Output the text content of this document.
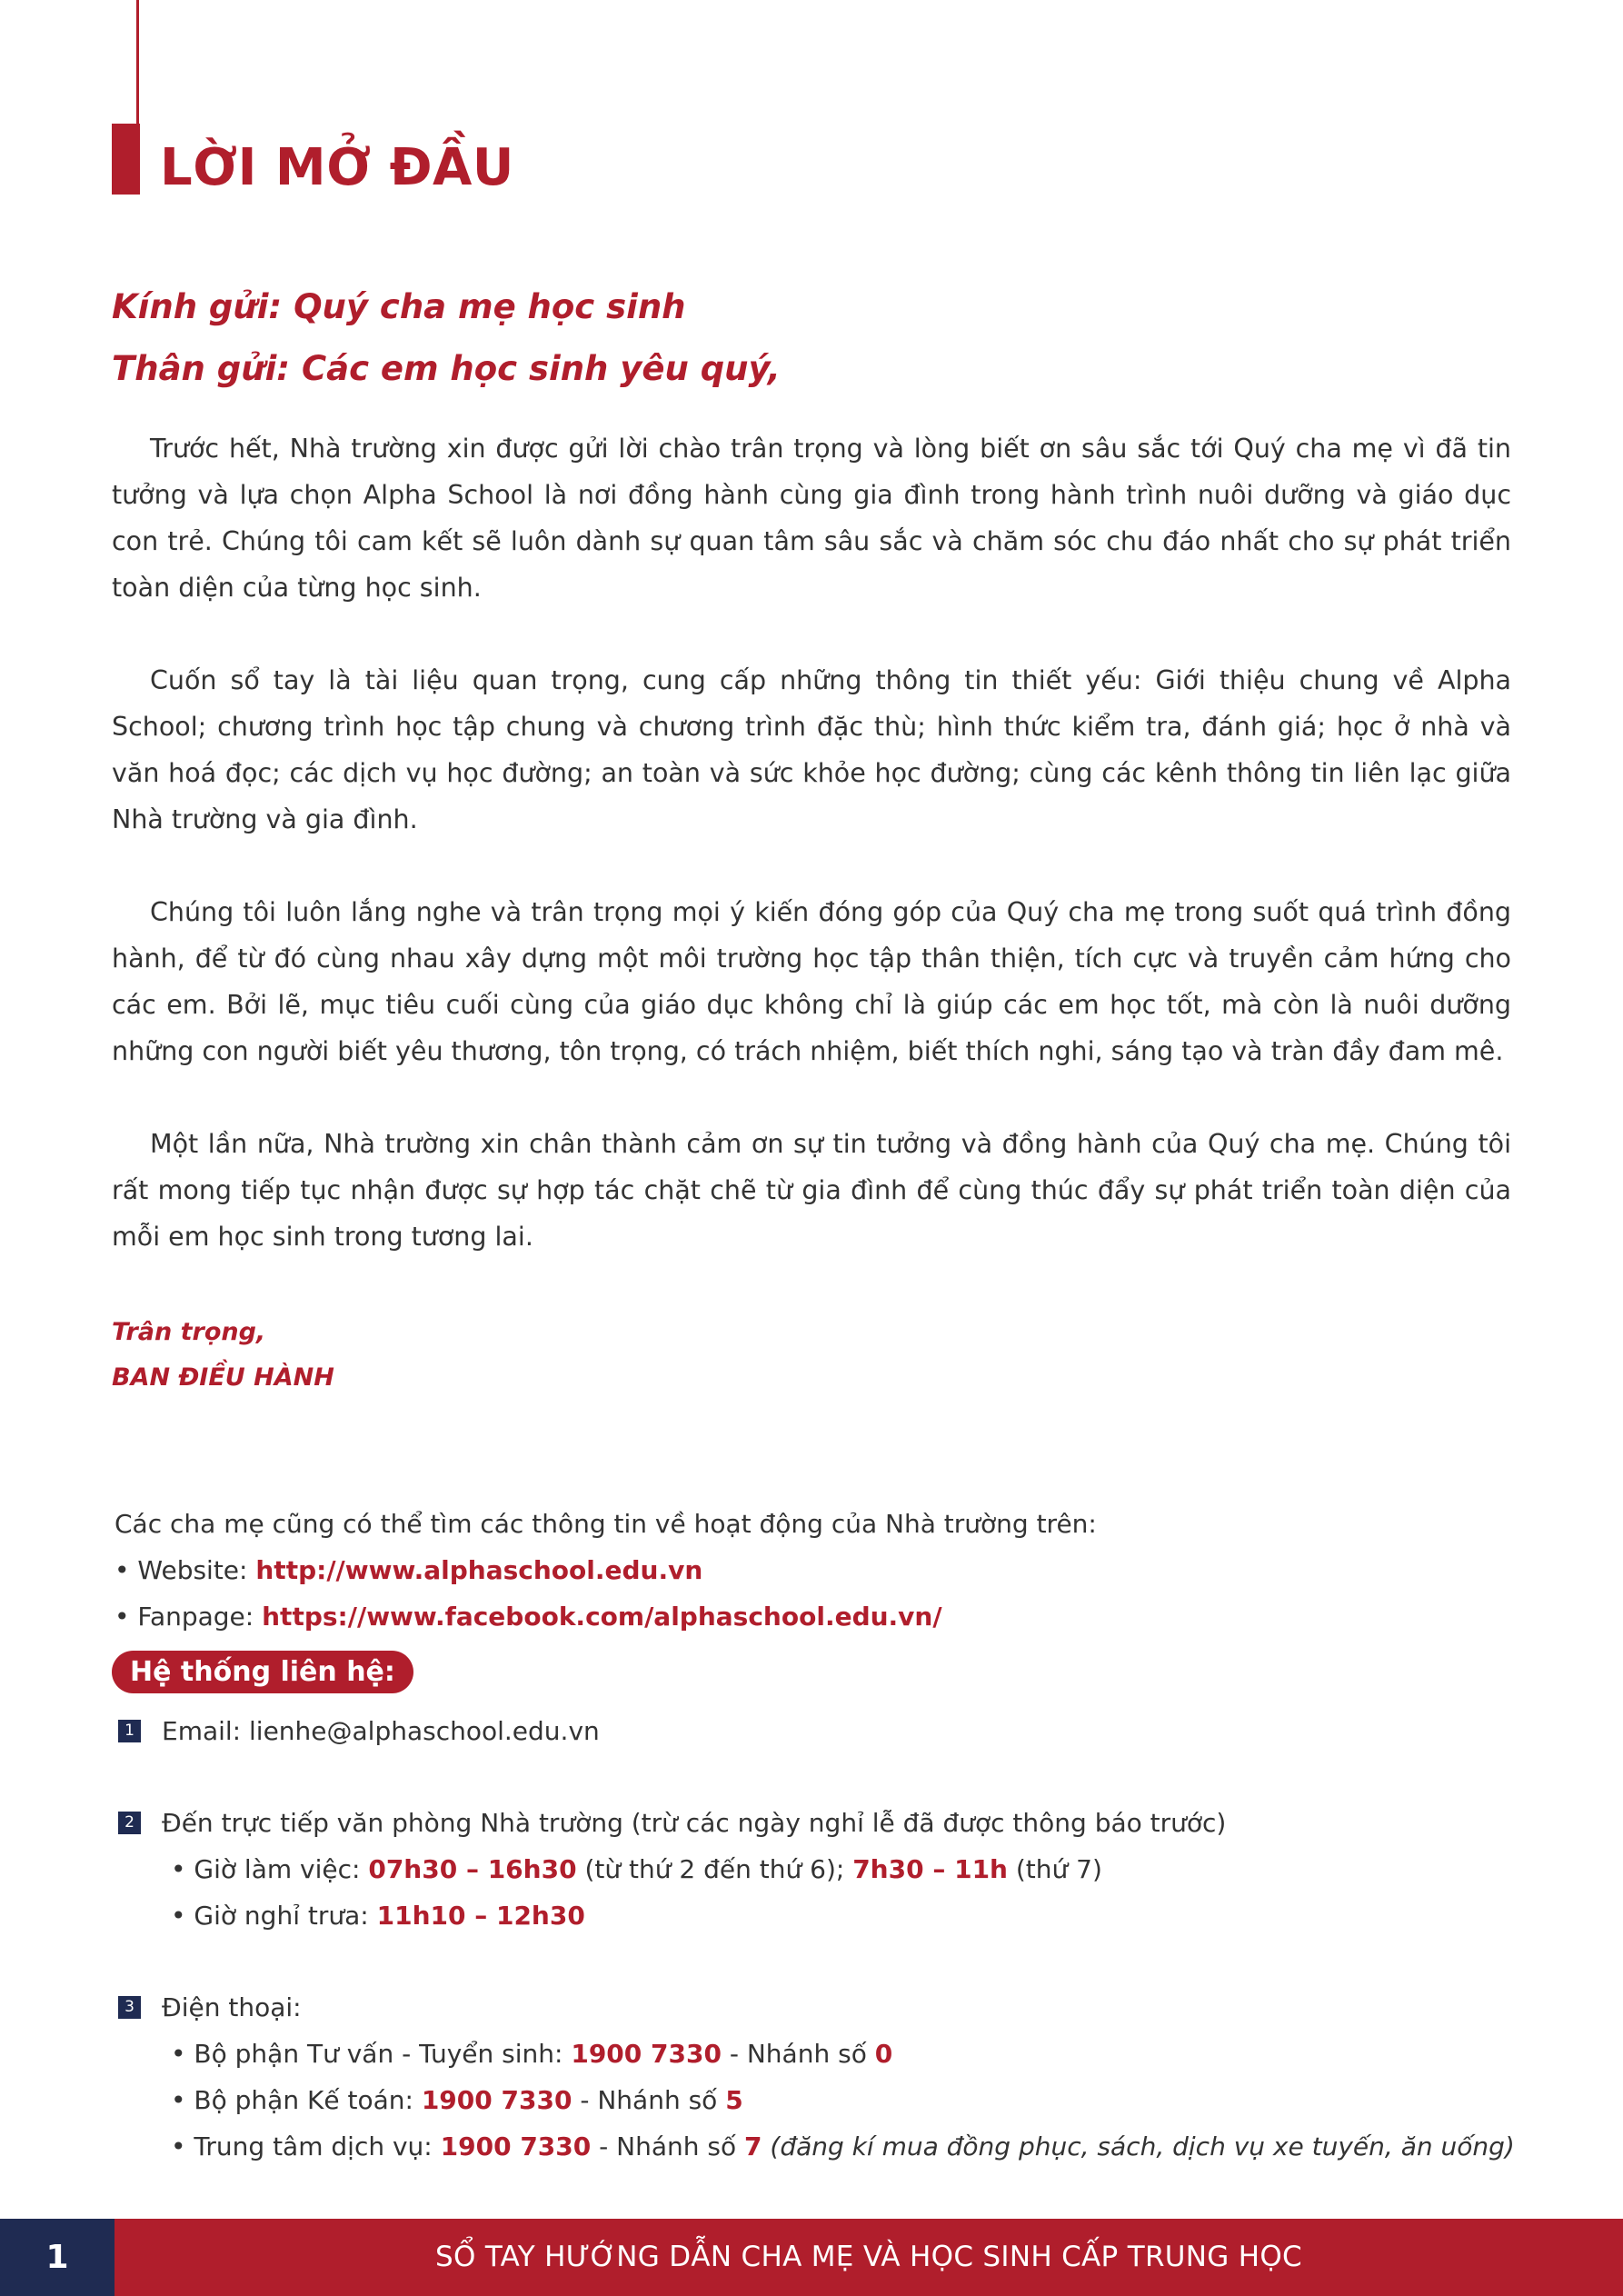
LỜI MỞ ĐẦU

Kính gửi: Quý cha mẹ học sinh

Thân gửi: Các em học sinh yêu quý,

Trước hết, Nhà trường xin được gửi lời chào trân trọng và lòng biết ơn sâu sắc tới Quý cha mẹ vì đã tin tưởng và lựa chọn Alpha School là nơi đồng hành cùng gia đình trong hành trình nuôi dưỡng và giáo dục con trẻ. Chúng tôi cam kết sẽ luôn dành sự quan tâm sâu sắc và chăm sóc chu đáo nhất cho sự phát triển toàn diện của từng học sinh.

Cuốn sổ tay là tài liệu quan trọng, cung cấp những thông tin thiết yếu: Giới thiệu chung về Alpha School; chương trình học tập chung và chương trình đặc thù; hình thức kiểm tra, đánh giá; học ở nhà và văn hoá đọc; các dịch vụ học đường; an toàn và sức khỏe học đường; cùng các kênh thông tin liên lạc giữa Nhà trường và gia đình.

Chúng tôi luôn lắng nghe và trân trọng mọi ý kiến đóng góp của Quý cha mẹ trong suốt quá trình đồng hành, để từ đó cùng nhau xây dựng một môi trường học tập thân thiện, tích cực và truyền cảm hứng cho các em. Bởi lẽ, mục tiêu cuối cùng của giáo dục không chỉ là giúp các em học tốt, mà còn là nuôi dưỡng những con người biết yêu thương, tôn trọng, có trách nhiệm, biết thích nghi, sáng tạo và tràn đầy đam mê.

Một lần nữa, Nhà trường xin chân thành cảm ơn sự tin tưởng và đồng hành của Quý cha mẹ. Chúng tôi rất mong tiếp tục nhận được sự hợp tác chặt chẽ từ gia đình để cùng thúc đẩy sự phát triển toàn diện của mỗi em học sinh trong tương lai.

Trân trọng,

BAN ĐIỀU HÀNH

Các cha mẹ cũng có thể tìm các thông tin về hoạt động của Nhà trường trên:

• Website: http://www.alphaschool.edu.vn

• Fanpage: https://www.facebook.com/alphaschool.edu.vn/

Hệ thống liên hệ:
1 Email: lienhe@alphaschool.edu.vn

2 Đến trực tiếp văn phòng Nhà trường (trừ các ngày nghỉ lễ đã được thông báo trước)

• Giờ làm việc: 07h30 – 16h30 (từ thứ 2 đến thứ 6); 7h30 – 11h (thứ 7)

• Giờ nghỉ trưa: 11h10 – 12h30

3 Điện thoại:

• Bộ phận Tư vấn - Tuyển sinh: 1900 7330 - Nhánh số 0

• Bộ phận Kế toán: 1900 7330 - Nhánh số 5

• Trung tâm dịch vụ: 1900 7330 - Nhánh số 7 (đăng kí mua đồng phục, sách, dịch vụ xe tuyến, ăn uống)

1	SỔ TAY HƯỚNG DẪN CHA MẸ VÀ HỌC SINH CẤP TRUNG HỌC
